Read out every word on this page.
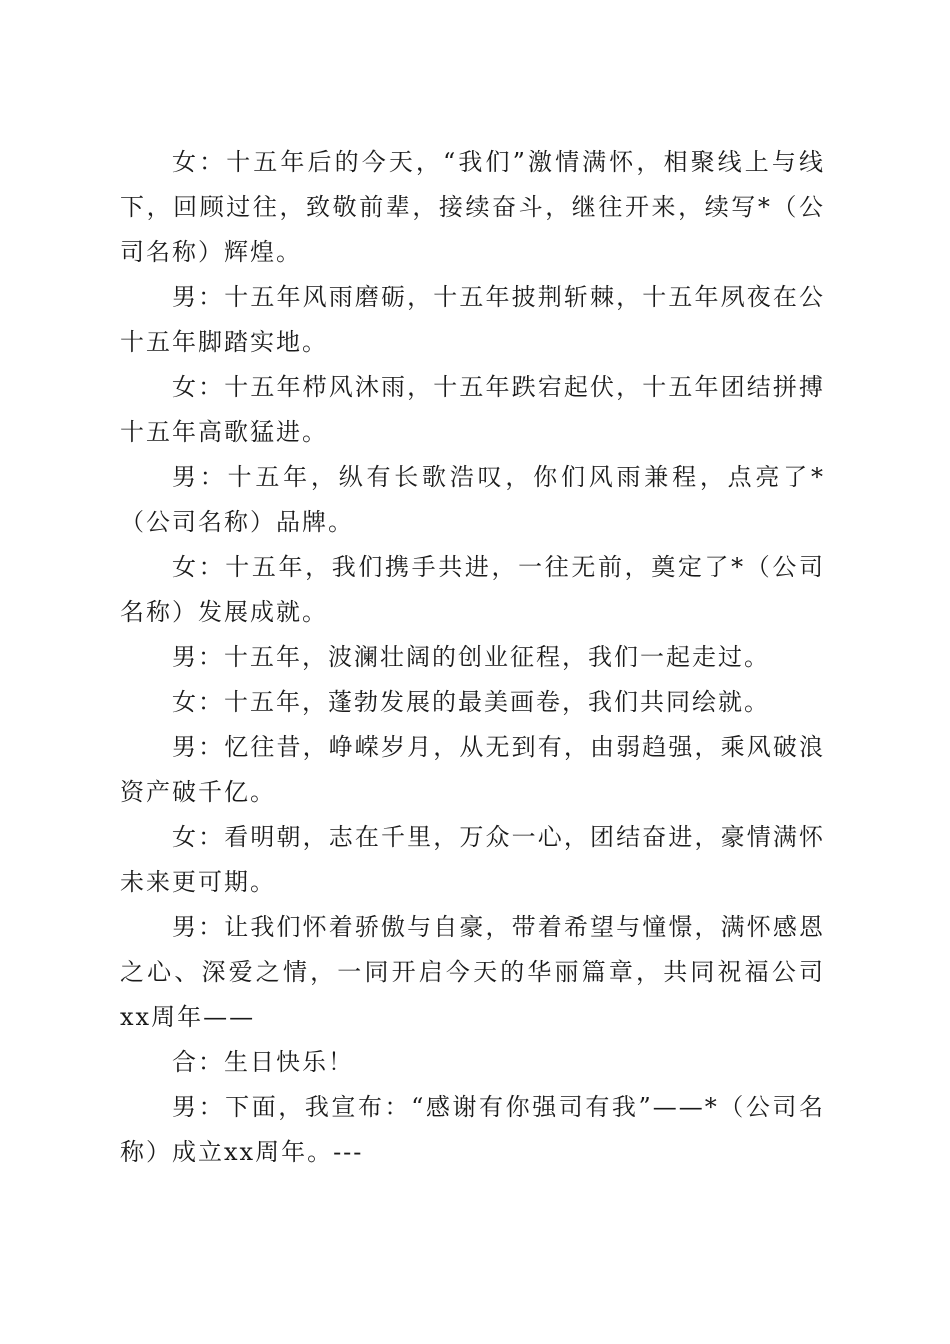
女：十五年后的今天，“我们”激情满怀，相聚线上与线下，回顾过往，致敬前辈，接续奋斗，继往开来，续写*（公司名称）辉煌。

男：十五年风雨磨砺，十五年披荆斩棘，十五年夙夜在公十五年脚踏实地。

女：十五年栉风沐雨，十五年跌宕起伏，十五年团结拼搏十五年高歌猛进。

男：十五年，纵有长歌浩叹，你们风雨兼程，点亮了*（公司名称）品牌。

女：十五年，我们携手共进，一往无前，奠定了*（公司名称）发展成就。

男：十五年，波澜壮阔的创业征程，我们一起走过。

女：十五年，蓬勃发展的最美画卷，我们共同绘就。

男：忆往昔，峥嵘岁月，从无到有，由弱趋强，乘风破浪资产破千亿。

女：看明朝，志在千里，万众一心，团结奋进，豪情满怀未来更可期。

男：让我们怀着骄傲与自豪，带着希望与憧憬，满怀感恩之心、深爱之情，一同开启今天的华丽篇章，共同祝福公司xx周年——

合：生日快乐！

男：下面，我宣布：“感谢有你强司有我”——*（公司名称）成立xx周年。---
